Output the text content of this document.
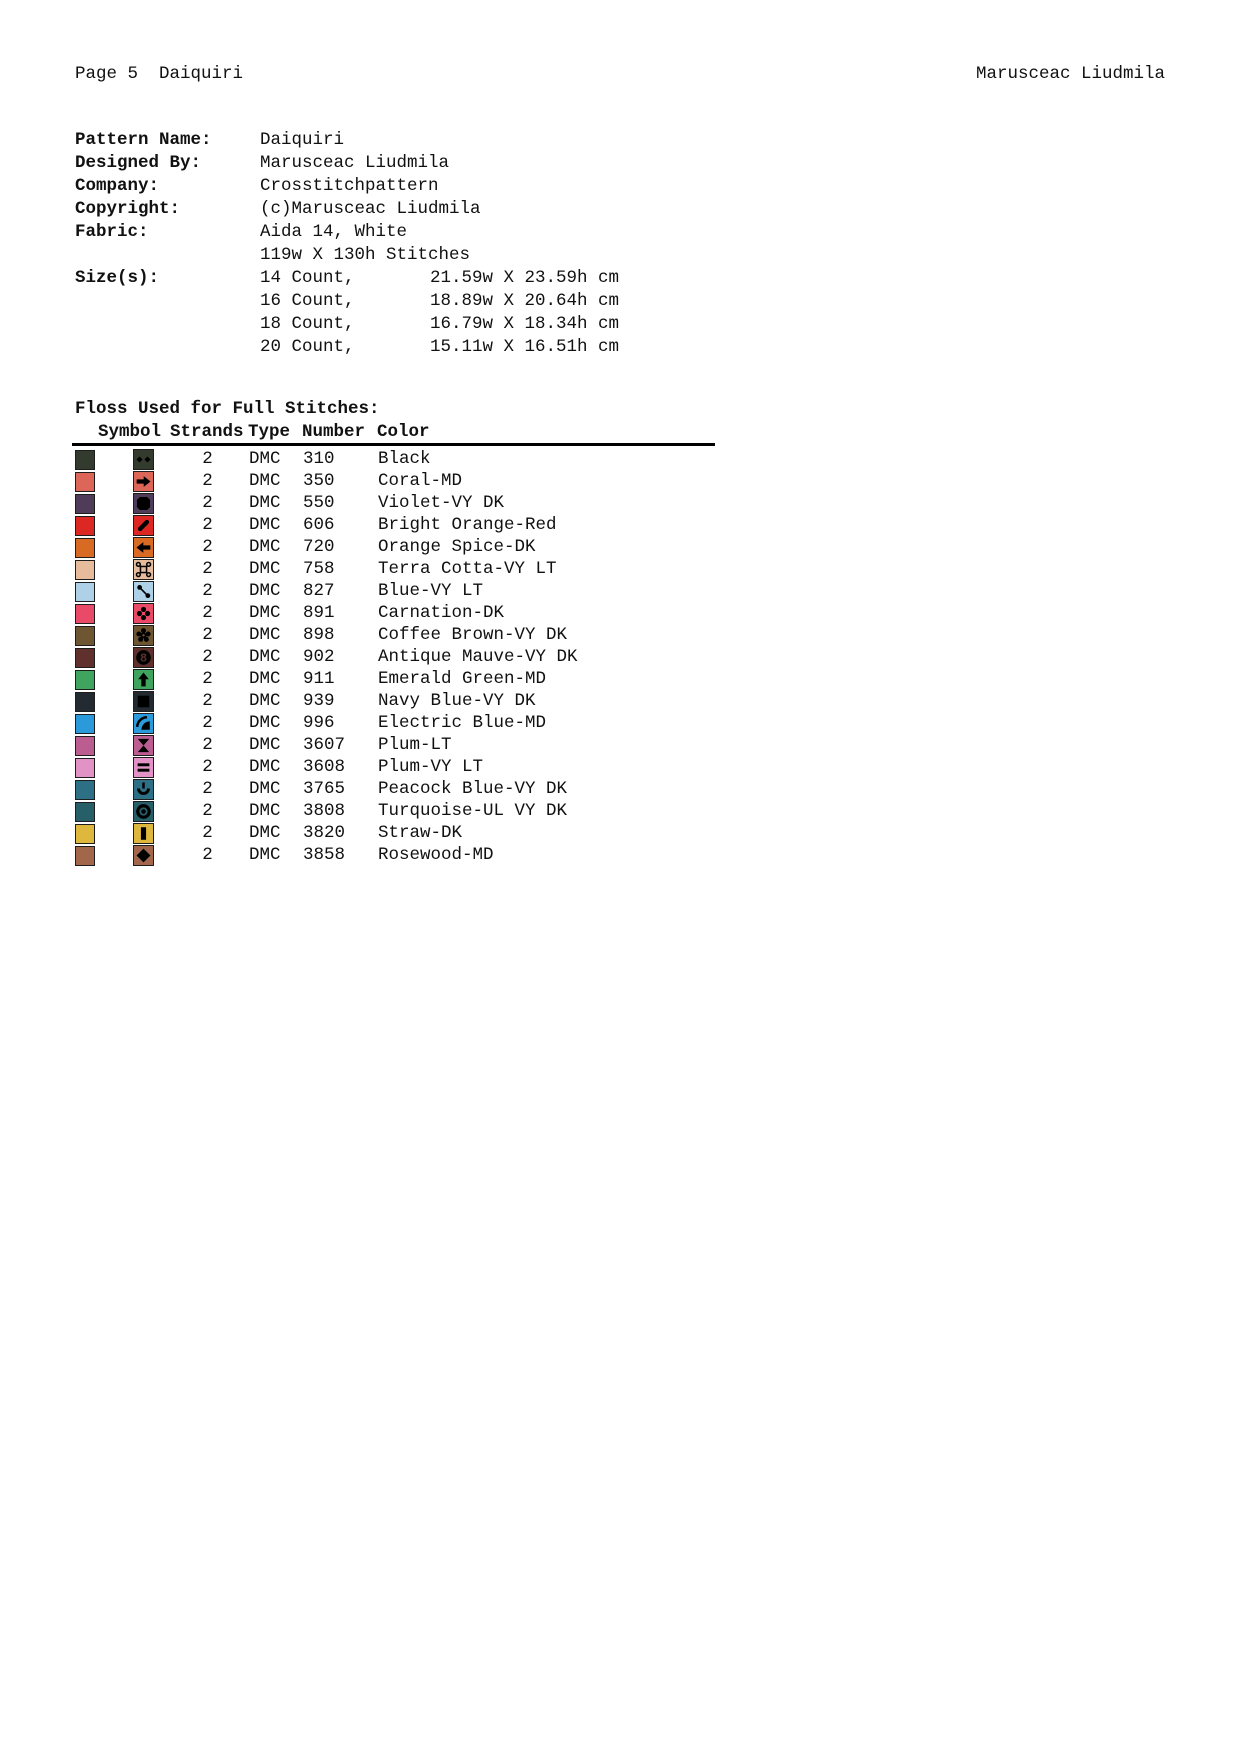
Page 5  Daiquiri	Marusceac Liudmila
Pattern Name:	Daiquiri
Designed By:	Marusceac Liudmila
Company:	Crosstitchpattern
Copyright:	(c)Marusceac Liudmila
Fabric:	Aida 14, White
119w X 130h Stitches
Size(s):	14 Count,	21.59w X 23.59h cm
16 Count,	18.89w X 20.64h cm
18 Count,	16.79w X 18.34h cm
20 Count,	15.11w X 16.51h cm
Floss Used for Full Stitches:
Symbol Strands Type Number Color
2	DMC 310 Black
2	DMC 350 Coral-MD
2	DMC 550 Violet-VY DK
2	DMC 606 Bright Orange-Red
2	DMC 720 Orange Spice-DK
2	DMC 758 Terra Cotta-VY LT
2	DMC 827 Blue-VY LT
2	DMC 891 Carnation-DK
2	DMC 898 Coffee Brown-VY DK
8	2	DMC 902 Antique Mauve-VY DK
2	DMC 911 Emerald Green-MD
2	DMC 939 Navy Blue-VY DK
2	DMC 996 Electric Blue-MD
2	DMC 3607 Plum-LT
2	DMC 3608 Plum-VY LT
2	DMC 3765 Peacock Blue-VY DK
2	DMC 3808 Turquoise-UL VY DK
2	DMC 3820 Straw-DK
2	DMC 3858 Rosewood-MD
